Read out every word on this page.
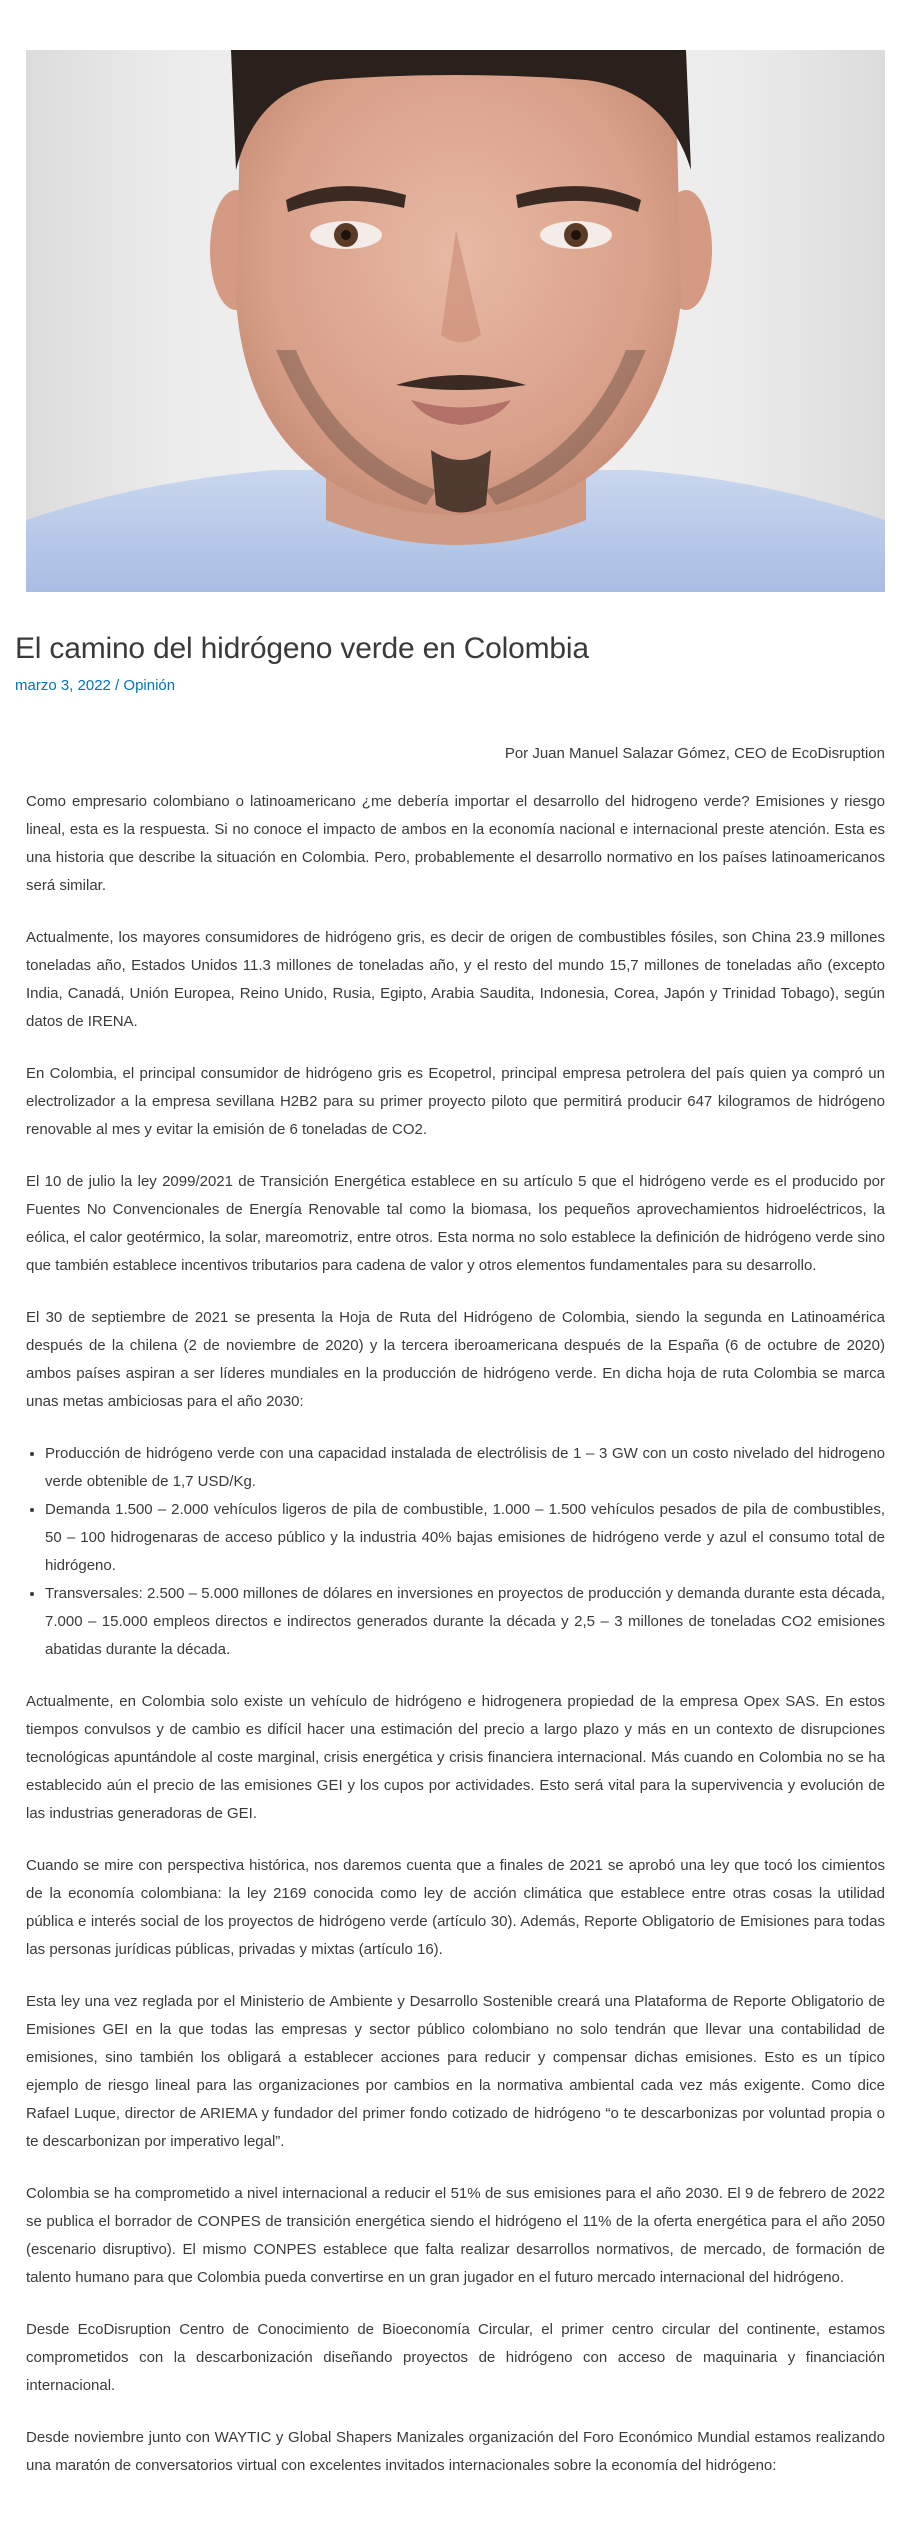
El camino del hidrógeno verde en Colombia
marzo 3, 2022 / Opinión

Por Juan Manuel Salazar Gómez, CEO de EcoDisruption

Como empresario colombiano o latinoamericano ¿me debería importar el desarrollo del hidrogeno verde? Emisiones y riesgo lineal, esta es la respuesta. Si no conoce el impacto de ambos en la economía nacional e internacional preste atención. Esta es una historia que describe la situación en Colombia. Pero, probablemente el desarrollo normativo en los países latinoamericanos será similar.

Actualmente, los mayores consumidores de hidrógeno gris, es decir de origen de combustibles fósiles, son China 23.9 millones toneladas año, Estados Unidos 11.3 millones de toneladas año, y el resto del mundo 15,7 millones de toneladas año (excepto India, Canadá, Unión Europea, Reino Unido, Rusia, Egipto, Arabia Saudita, Indonesia, Corea, Japón y Trinidad Tobago), según datos de IRENA.

En Colombia, el principal consumidor de hidrógeno gris es Ecopetrol, principal empresa petrolera del país quien ya compró un electrolizador a la empresa sevillana H2B2 para su primer proyecto piloto que permitirá producir 647 kilogramos de hidrógeno renovable al mes y evitar la emisión de 6 toneladas de CO2.

El 10 de julio la ley 2099/2021 de Transición Energética establece en su artículo 5 que el hidrógeno verde es el producido por Fuentes No Convencionales de Energía Renovable tal como la biomasa, los pequeños aprovechamientos hidroeléctricos, la eólica, el calor geotérmico, la solar, mareomotriz, entre otros. Esta norma no solo establece la definición de hidrógeno verde sino que también establece incentivos tributarios para cadena de valor y otros elementos fundamentales para su desarrollo.

El 30 de septiembre de 2021 se presenta la Hoja de Ruta del Hidrógeno de Colombia, siendo la segunda en Latinoamérica después de la chilena (2 de noviembre de 2020) y la tercera iberoamericana después de la España (6 de octubre de 2020) ambos países aspiran a ser líderes mundiales en la producción de hidrógeno verde. En dicha hoja de ruta Colombia se marca unas metas ambiciosas para el año 2030:

• Producción de hidrógeno verde con una capacidad instalada de electrólisis de 1 – 3 GW con un costo nivelado del hidrogeno verde obtenible de 1,7 USD/Kg.
• Demanda 1.500 – 2.000 vehículos ligeros de pila de combustible, 1.000 – 1.500 vehículos pesados de pila de combustibles, 50 – 100 hidrogenaras de acceso público y la industria 40% bajas emisiones de hidrógeno verde y azul el consumo total de hidrógeno.
• Transversales: 2.500 – 5.000 millones de dólares en inversiones en proyectos de producción y demanda durante esta década, 7.000 – 15.000 empleos directos e indirectos generados durante la década y 2,5 – 3 millones de toneladas CO2 emisiones abatidas durante la década.

Actualmente, en Colombia solo existe un vehículo de hidrógeno e hidrogenera propiedad de la empresa Opex SAS. En estos tiempos convulsos y de cambio es difícil hacer una estimación del precio a largo plazo y más en un contexto de disrupciones tecnológicas apuntándole al coste marginal, crisis energética y crisis financiera internacional. Más cuando en Colombia no se ha establecido aún el precio de las emisiones GEI y los cupos por actividades. Esto será vital para la supervivencia y evolución de las industrias generadoras de GEI.

Cuando se mire con perspectiva histórica, nos daremos cuenta que a finales de 2021 se aprobó una ley que tocó los cimientos de la economía colombiana: la ley 2169 conocida como ley de acción climática que establece entre otras cosas la utilidad pública e interés social de los proyectos de hidrógeno verde (artículo 30). Además, Reporte Obligatorio de Emisiones para todas las personas jurídicas públicas, privadas y mixtas (artículo 16).

Esta ley una vez reglada por el Ministerio de Ambiente y Desarrollo Sostenible creará una Plataforma de Reporte Obligatorio de Emisiones GEI en la que todas las empresas y sector público colombiano no solo tendrán que llevar una contabilidad de emisiones, sino también los obligará a establecer acciones para reducir y compensar dichas emisiones. Esto es un típico ejemplo de riesgo lineal para las organizaciones por cambios en la normativa ambiental cada vez más exigente. Como dice Rafael Luque, director de ARIEMA y fundador del primer fondo cotizado de hidrógeno “o te descarbonizas por voluntad propia o te descarbonizan por imperativo legal”.

Colombia se ha comprometido a nivel internacional a reducir el 51% de sus emisiones para el año 2030. El 9 de febrero de 2022 se publica el borrador de CONPES de transición energética siendo el hidrógeno el 11% de la oferta energética para el año 2050 (escenario disruptivo). El mismo CONPES establece que falta realizar desarrollos normativos, de mercado, de formación de talento humano para que Colombia pueda convertirse en un gran jugador en el futuro mercado internacional del hidrógeno.

Desde EcoDisruption Centro de Conocimiento de Bioeconomía Circular, el primer centro circular del continente, estamos comprometidos con la descarbonización diseñando proyectos de hidrógeno con acceso de maquinaria y financiación internacional.

Desde noviembre junto con WAYTIC y Global Shapers Manizales organización del Foro Económico Mundial estamos realizando una maratón de conversatorios virtual con excelentes invitados internacionales sobre la economía del hidrógeno:
